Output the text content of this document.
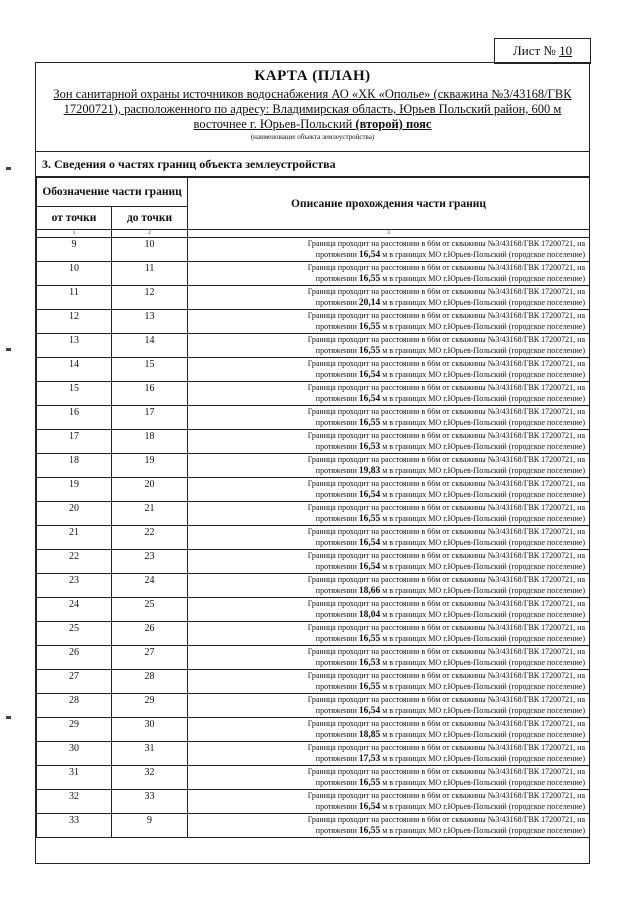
Лист № 10
КАРТА (ПЛАН)
Зон санитарной охраны источников водоснабжения АО «ХК «Ополье» (скважина №3/43168/ГВК 17200721), расположенного по адресу: Владимирская область, Юрьев Польский район, 600 м восточнее г. Юрьев-Польский (второй) пояс
(наименование объекта землеустройства)
3. Сведения о частях границ объекта землеустройства
Обозначение части границ		Описание прохождения части границ
от точки	до точки	
1	2	3
9	10	Граница проходит на расстоянии в 66м от скважины №3/43168/ГВК 17200721, на
протяжении 16,54 м в границах МО г.Юрьев-Польский (городское поселение)

10	11	Граница проходит на расстоянии в 66м от скважины №3/43168/ГВК 17200721, на
протяжении 16,55 м в границах МО г.Юрьев-Польский (городское поселение)

11	12	Граница проходит на расстоянии в 66м от скважины №3/43168/ГВК 17200721, на
протяжении 20,14 м в границах МО г.Юрьев-Польский (городское поселение)

12	13	Граница проходит на расстоянии в 66м от скважины №3/43168/ГВК 17200721, на
протяжении 16,55 м в границах МО г.Юрьев-Польский (городское поселение)

13	14	Граница проходит на расстоянии в 66м от скважины №3/43168/ГВК 17200721, на
протяжении 16,55 м в границах МО г.Юрьев-Польский (городское поселение)

14	15	Граница проходит на расстоянии в 66м от скважины №3/43168/ГВК 17200721, на
протяжении 16,54 м в границах МО г.Юрьев-Польский (городское поселение)

15	16	Граница проходит на расстоянии в 66м от скважины №3/43168/ГВК 17200721, на
протяжении 16,54 м в границах МО г.Юрьев-Польский (городское поселение)

16	17	Граница проходит на расстоянии в 66м от скважины №3/43168/ГВК 17200721, на
протяжении 16,55 м в границах МО г.Юрьев-Польский (городское поселение)

17	18	Граница проходит на расстоянии в 66м от скважины №3/43168/ГВК 17200721, на
протяжении 16,53 м в границах МО г.Юрьев-Польский (городское поселение)

18	19	Граница проходит на расстоянии в 66м от скважины №3/43168/ГВК 17200721, на
протяжении 19,83 м в границах МО г.Юрьев-Польский (городское поселение)

19	20	Граница проходит на расстоянии в 66м от скважины №3/43168/ГВК 17200721, на
протяжении 16,54 м в границах МО г.Юрьев-Польский (городское поселение)

20	21	Граница проходит на расстоянии в 66м от скважины №3/43168/ГВК 17200721, на
протяжении 16,55 м в границах МО г.Юрьев-Польский (городское поселение)

21	22	Граница проходит на расстоянии в 66м от скважины №3/43168/ГВК 17200721, на
протяжении 16,54 м в границах МО г.Юрьев-Польский (городское поселение)

22	23	Граница проходит на расстоянии в 66м от скважины №3/43168/ГВК 17200721, на
протяжении 16,54 м в границах МО г.Юрьев-Польский (городское поселение)

23	24	Граница проходит на расстоянии в 66м от скважины №3/43168/ГВК 17200721, на
протяжении 18,66 м в границах МО г.Юрьев-Польский (городское поселение)

24	25	Граница проходит на расстоянии в 66м от скважины №3/43168/ГВК 17200721, на
протяжении 18,04 м в границах МО г.Юрьев-Польский (городское поселение)

25	26	Граница проходит на расстоянии в 66м от скважины №3/43168/ГВК 17200721, на
протяжении 16,55 м в границах МО г.Юрьев-Польский (городское поселение)

26	27	Граница проходит на расстоянии в 66м от скважины №3/43168/ГВК 17200721, на
протяжении 16,53 м в границах МО г.Юрьев-Польский (городское поселение)

27	28	Граница проходит на расстоянии в 66м от скважины №3/43168/ГВК 17200721, на
протяжении 16,55 м в границах МО г.Юрьев-Польский (городское поселение)

28	29	Граница проходит на расстоянии в 66м от скважины №3/43168/ГВК 17200721, на
протяжении 16,54 м в границах МО г.Юрьев-Польский (городское поселение)

29	30	Граница проходит на расстоянии в 66м от скважины №3/43168/ГВК 17200721, на
протяжении 18,85 м в границах МО г.Юрьев-Польский (городское поселение)

30	31	Граница проходит на расстоянии в 66м от скважины №3/43168/ГВК 17200721, на
протяжении 17,53 м в границах МО г.Юрьев-Польский (городское поселение)

31	32	Граница проходит на расстоянии в 66м от скважины №3/43168/ГВК 17200721, на
протяжении 16,55 м в границах МО г.Юрьев-Польский (городское поселение)

32	33	Граница проходит на расстоянии в 66м от скважины №3/43168/ГВК 17200721, на
протяжении 16,54 м в границах МО г.Юрьев-Польский (городское поселение)

33	9	Граница проходит на расстоянии в 66м от скважины №3/43168/ГВК 17200721, на
протяжении 16,55 м в границах МО г.Юрьев-Польский (городское поселение)
